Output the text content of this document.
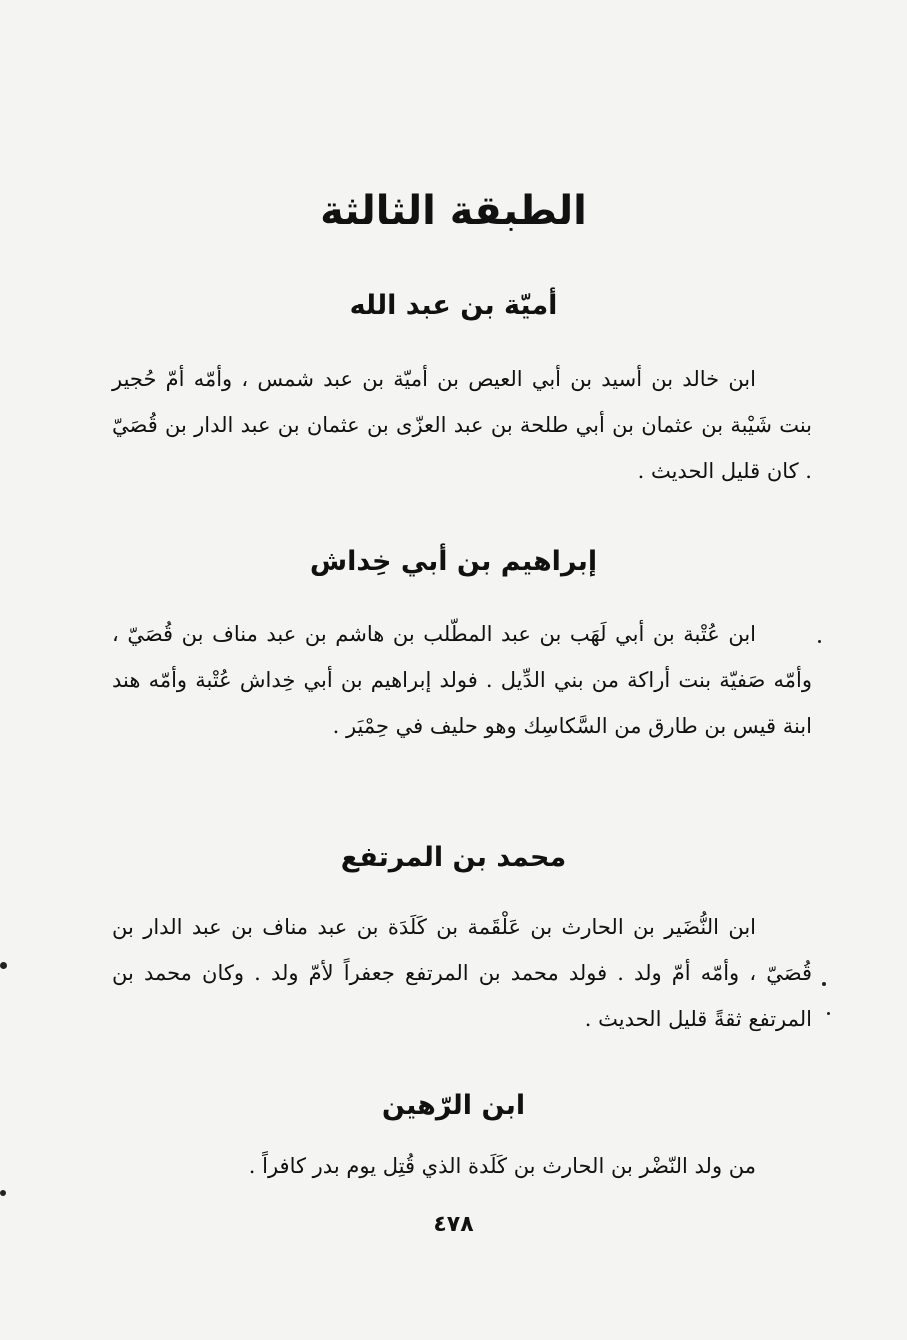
الطبقة الثالثة
أميّة بن عبد الله
ابن خالد بن أسيد بن أبي العيص بن أميّة بن عبد شمس ، وأمّه أمّ حُجير بنت شَيْبة بن عثمان بن أبي طلحة بن عبد العزّى بن عثمان بن عبد الدار بن قُصَيّ . كان قليل الحديث .
إبراهيم بن أبي خِداش
ابن عُتْبة بن أبي لَهَب بن عبد المطّلب بن هاشم بن عبد مناف بن قُصَيّ ، وأمّه صَفيّة بنت أراكة من بني الدِّيل . فولد إبراهيم بن أبي خِداش عُتْبة وأمّه هند ابنة قيس بن طارق من السَّكاسِك وهو حليف في حِمْيَر .
محمد بن المرتفع
ابن النُّضَير بن الحارث بن عَلْقَمة بن كَلَدَة بن عبد مناف بن عبد الدار بن قُصَيّ ، وأمّه أمّ ولد . فولد محمد بن المرتفع جعفراً لأمّ ولد . وكان محمد بن المرتفع ثقةً قليل الحديث .
ابن الرّهين
من ولد النّضْر بن الحارث بن كَلَدة الذي قُتِل يوم بدر كافراً .
٤٧٨
